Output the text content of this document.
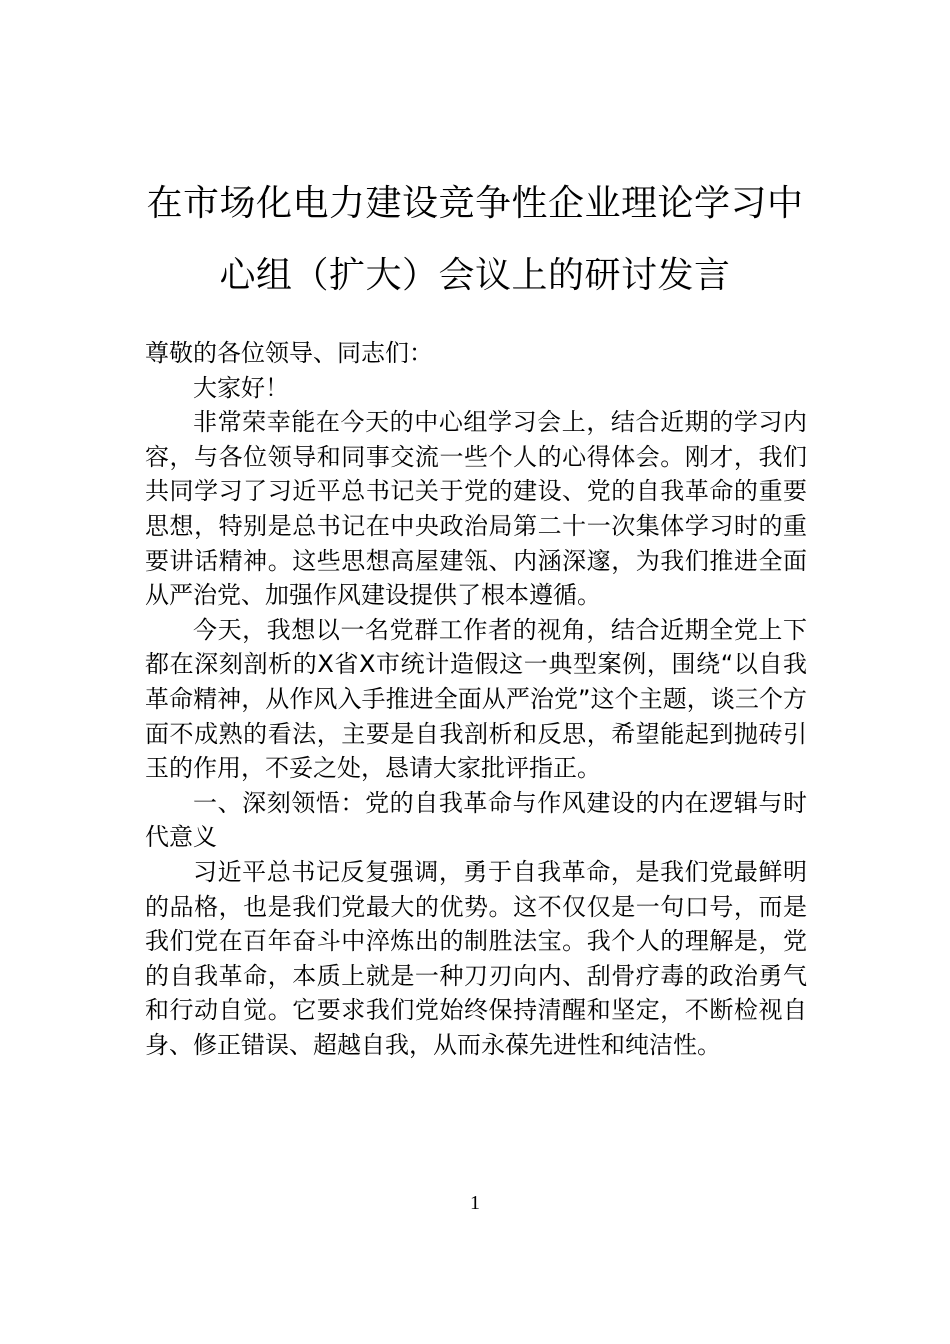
在市场化电力建设竞争性企业理论学习中
心组（扩大）会议上的研讨发言

尊敬的各位领导、同志们：

大家好！

非常荣幸能在今天的中心组学习会上，结合近期的学习内容，与各位领导和同事交流一些个人的心得体会。刚才，我们共同学习了习近平总书记关于党的建设、党的自我革命的重要思想，特别是总书记在中央政治局第二十一次集体学习时的重要讲话精神。这些思想高屋建瓴、内涵深邃，为我们推进全面从严治党、加强作风建设提供了根本遵循。

今天，我想以一名党群工作者的视角，结合近期全党上下都在深刻剖析的X省X市统计造假这一典型案例，围绕“以自我革命精神，从作风入手推进全面从严治党”这个主题，谈三个方面不成熟的看法，主要是自我剖析和反思，希望能起到抛砖引玉的作用，不妥之处，恳请大家批评指正。

一、深刻领悟：党的自我革命与作风建设的内在逻辑与时代意义

习近平总书记反复强调，勇于自我革命，是我们党最鲜明的品格，也是我们党最大的优势。这不仅仅是一句口号，而是我们党在百年奋斗中淬炼出的制胜法宝。我个人的理解是，党的自我革命，本质上就是一种刀刃向内、刮骨疗毒的政治勇气和行动自觉。它要求我们党始终保持清醒和坚定，不断检视自身、修正错误、超越自我，从而永葆先进性和纯洁性。

1
